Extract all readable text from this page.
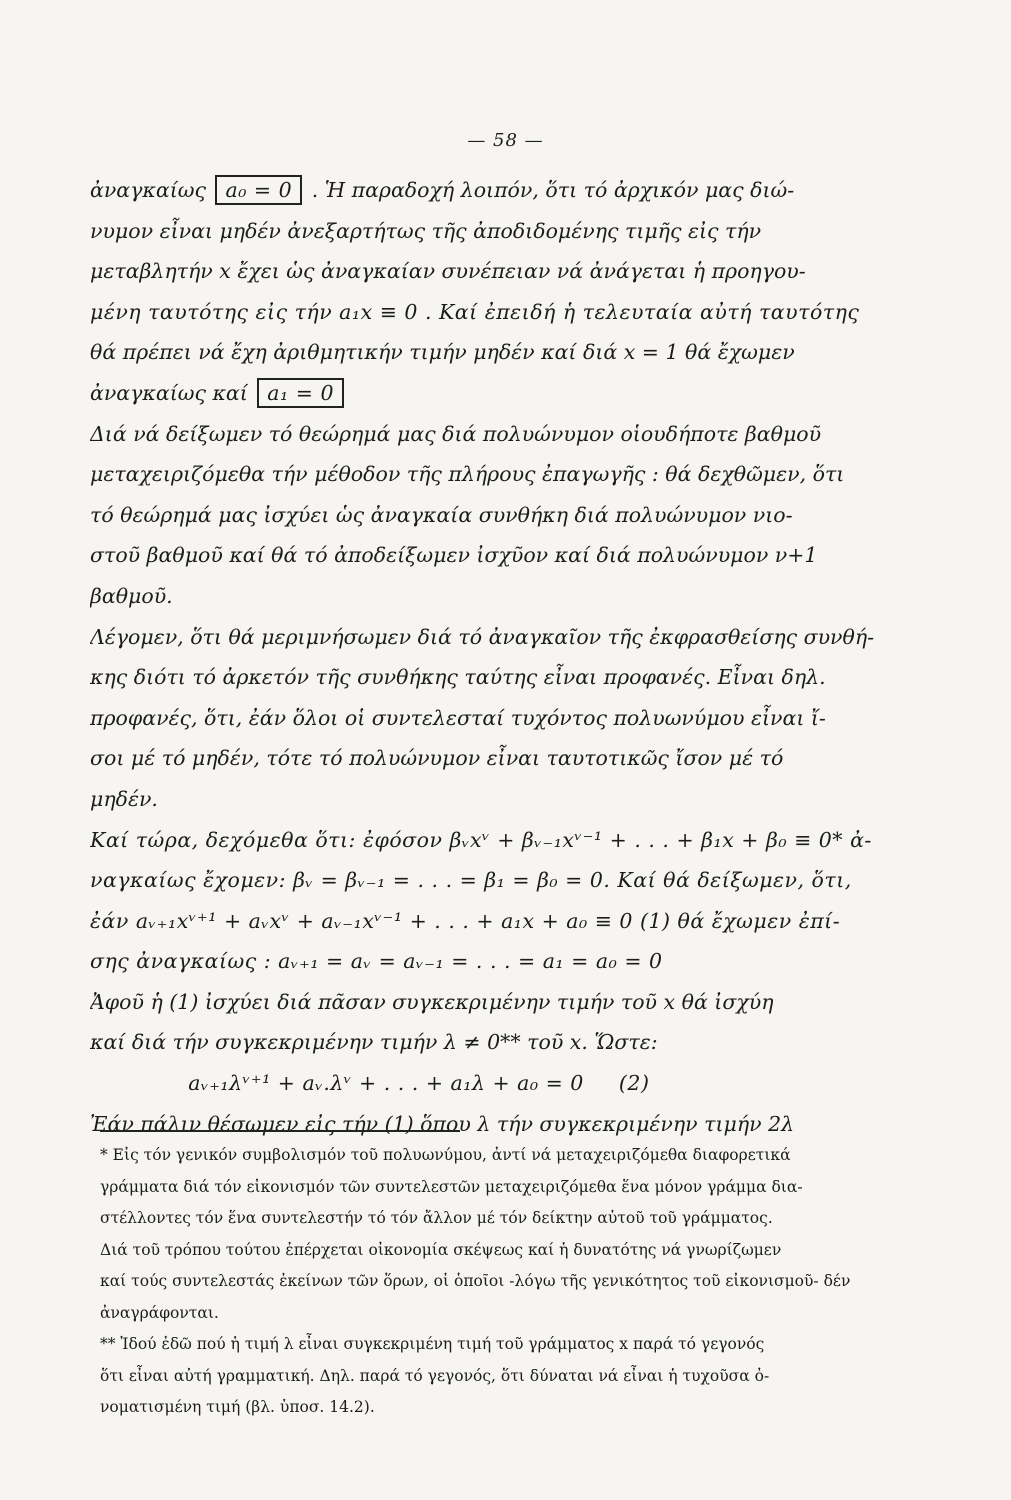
— 58 —
ἀναγκαίως a₀ = 0 . Ἡ παραδοχή λοιπόν, ὅτι τό ἀρχικόν μας διώ-
νυμον εἶναι μηδέν ἀνεξαρτήτως τῆς ἀποδιδομένης τιμῆς εἰς τήν
μεταβλητήν x ἔχει ὡς ἀναγκαίαν συνέπειαν νά ἀνάγεται ἡ προηγου-
μένη ταυτότης εἰς τήν a₁x ≡ 0 . Καί ἐπειδή ἡ τελευταία αὐτή ταυτότης
θά πρέπει νά ἔχη ἀριθμητικήν τιμήν μηδέν καί διά x = 1 θά ἔχωμεν
ἀναγκαίως καί a₁ = 0
Διά νά δείξωμεν τό θεώρημά μας διά πολυώνυμον οἱουδήποτε βαθμοῦ
μεταχειριζόμεθα τήν μέθοδον τῆς πλήρους ἐπαγωγῆς : θά δεχθῶμεν, ὅτι
τό θεώρημά μας ἰσχύει ὡς ἀναγκαία συνθήκη διά πολυώνυμον νιο-
στοῦ βαθμοῦ καί θά τό ἀποδείξωμεν ἰσχῦον καί διά πολυώνυμον ν+1
βαθμοῦ.
Λέγομεν, ὅτι θά μεριμνήσωμεν διά τό ἀναγκαῖον τῆς ἐκφρασθείσης συνθή-
κης διότι τό ἀρκετόν τῆς συνθήκης ταύτης εἶναι προφανές. Εἶναι δηλ.
προφανές, ὅτι, ἐάν ὅλοι οἱ συντελεσταί τυχόντος πολυωνύμου εἶναι ἴ-
σοι μέ τό μηδέν, τότε τό πολυώνυμον εἶναι ταυτοτικῶς ἴσον μέ τό
μηδέν.
Καί τώρα, δεχόμεθα ὅτι: ἐφόσον βᵥxᵛ + βᵥ₋₁xᵛ⁻¹ + . . . + β₁x + β₀ ≡ 0* ἀ-
ναγκαίως ἔχομεν: βᵥ = βᵥ₋₁ = . . . = β₁ = β₀ = 0. Καί θά δείξωμεν, ὅτι,
ἐάν aᵥ₊₁xᵛ⁺¹ + aᵥxᵛ + aᵥ₋₁xᵛ⁻¹ + . . . + a₁x + a₀ ≡ 0 (1) θά ἔχωμεν ἐπί-
σης ἀναγκαίως : aᵥ₊₁ = aᵥ = aᵥ₋₁ = . . . = a₁ = a₀ = 0
Ἀφοῦ ἡ (1) ἰσχύει διά πᾶσαν συγκεκριμένην τιμήν τοῦ x θά ἰσχύη
καί διά τήν συγκεκριμένην τιμήν λ ≠ 0** τοῦ x. Ὥστε:
aᵥ₊₁λᵛ⁺¹ + aᵥ.λᵛ + . . . + a₁λ + a₀ = 0     (2)
Ἐάν πάλιν θέσωμεν εἰς τήν (1) ὅπου λ τήν συγκεκριμένην τιμήν 2λ
* Εἰς τόν γενικόν συμβολισμόν τοῦ πολυωνύμου, ἀντί νά μεταχειριζόμεθα διαφορετικά
γράμματα διά τόν εἰκονισμόν τῶν συντελεστῶν μεταχειριζόμεθα ἕνα μόνον γράμμα δια-
στέλλοντες τόν ἕνα συντελεστήν τό τόν ἄλλον μέ τόν δείκτην αὐτοῦ τοῦ γράμματος.
Διά τοῦ τρόπου τούτου ἐπέρχεται οἰκονομία σκέψεως καί ἡ δυνατότης νά γνωρίζωμεν
καί τούς συντελεστάς ἐκείνων τῶν ὅρων, οἱ ὁποῖοι -λόγω τῆς γενικότητος τοῦ εἰκονισμοῦ- δέν
ἀναγράφονται.
** Ἰδού ἐδῶ πού ἡ τιμή λ εἶναι συγκεκριμένη τιμή τοῦ γράμματος x παρά τό γεγονός
ὅτι εἶναι αὐτή γραμματική. Δηλ. παρά τό γεγονός, ὅτι δύναται νά εἶναι ἡ τυχοῦσα ὀ-
νοματισμένη τιμή (βλ. ὑποσ. 14.2).
